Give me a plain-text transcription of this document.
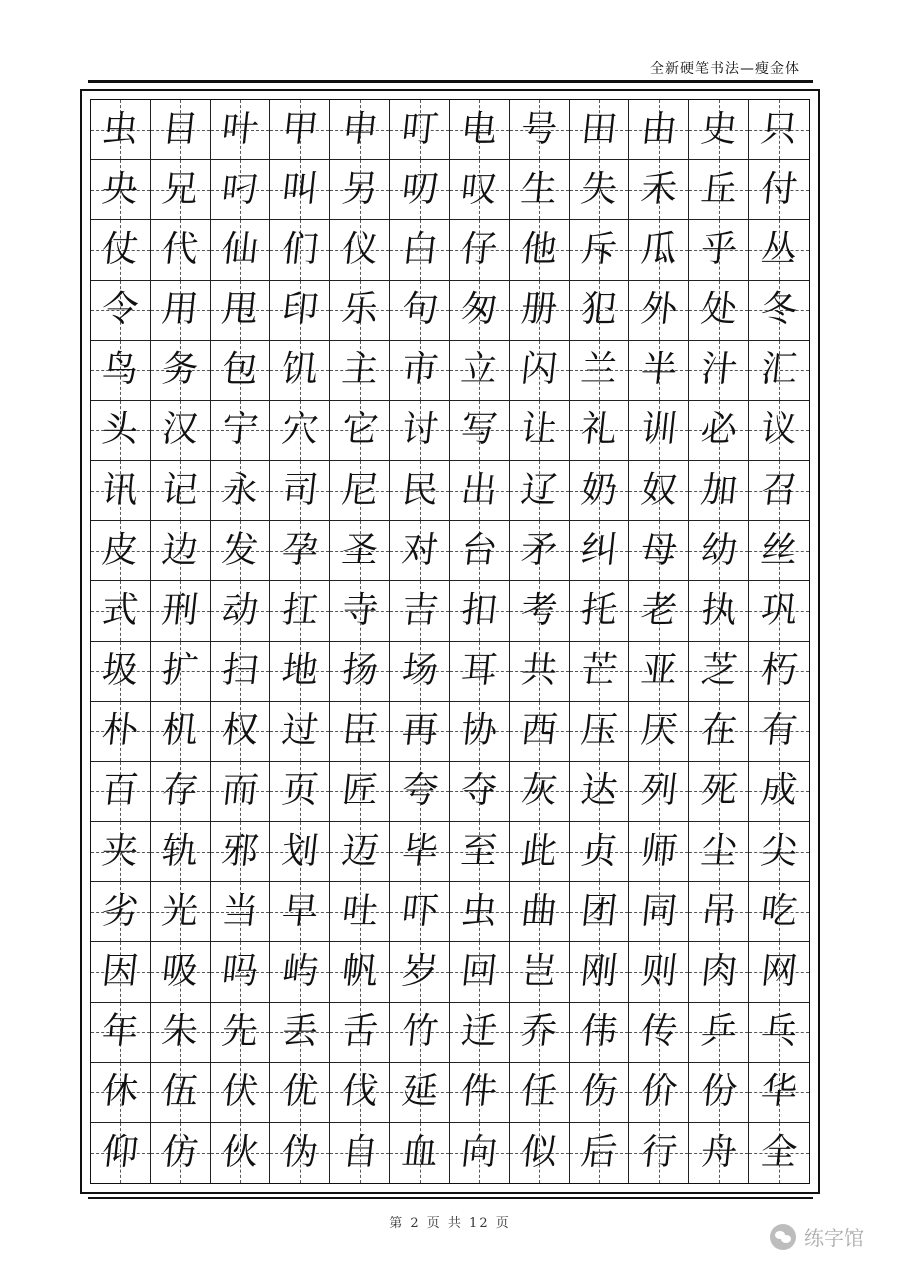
全新硬笔书法—瘦金体
虫 目 叶 甲 申 叮 电 号 田 由 史 只
央 兄 叼 叫 另 叨 叹 生 失 禾 丘 付
仗 代 仙 们 仪 白 仔 他 斥 瓜 乎 丛
令 用 甩 印 乐 句 匆 册 犯 外 处 冬
鸟 务 包 饥 主 市 立 闪 兰 半 汁 汇
头 汉 宁 穴 它 讨 写 让 礼 训 必 议
讯 记 永 司 尼 民 出 辽 奶 奴 加 召
皮 边 发 孕 圣 对 台 矛 纠 母 幼 丝
式 刑 动 扛 寺 吉 扣 考 托 老 执 巩
圾 扩 扫 地 扬 场 耳 共 芒 亚 芝 朽
朴 机 权 过 臣 再 协 西 压 厌 在 有
百 存 而 页 匠 夸 夺 灰 达 列 死 成
夹 轨 邪 划 迈 毕 至 此 贞 师 尘 尖
劣 光 当 早 吐 吓 虫 曲 团 同 吊 吃
因 吸 吗 屿 帆 岁 回 岂 刚 则 肉 网
年 朱 先 丢 舌 竹 迁 乔 伟 传 乒 乓
休 伍 伏 优 伐 延 件 任 伤 价 份 华
仰 仿 伙 伪 自 血 向 似 后 行 舟 全
第 2 页 共 12 页
练字馆
